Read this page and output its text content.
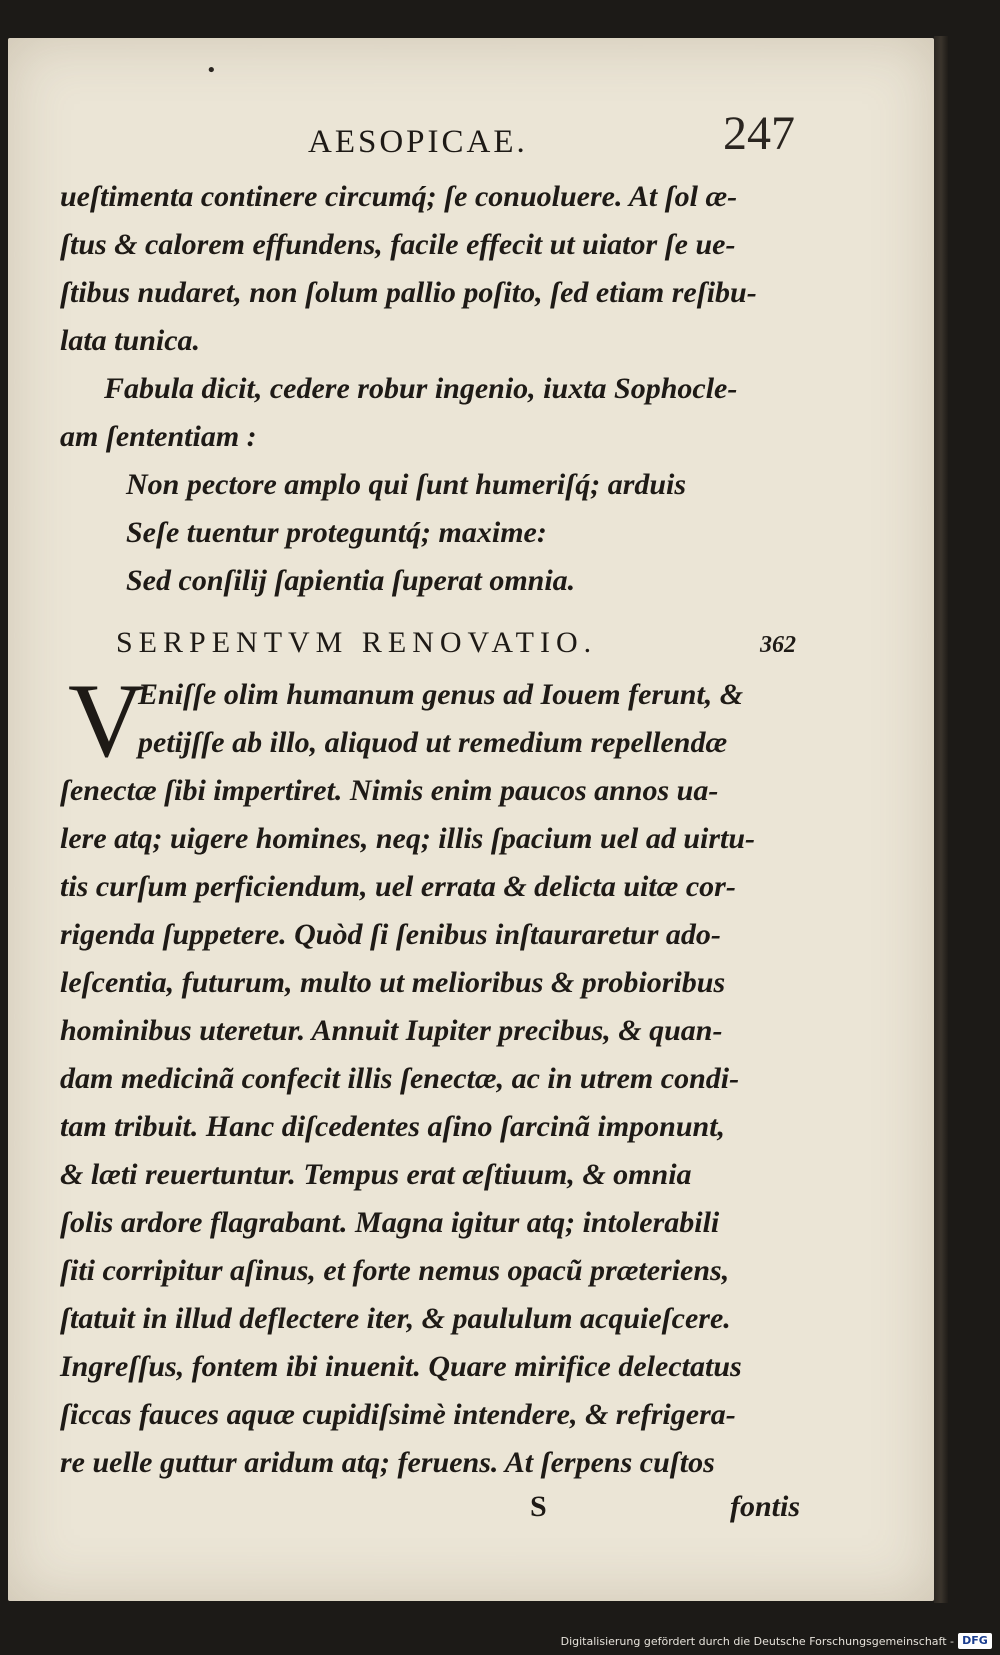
•
AESOPICAE.	247
ueſtimenta continere circumq́; ſe conuoluere. At ſol æ-
ſtus & calorem effundens, facile effecit ut uiator ſe ue-
ſtibus nudaret, non ſolum pallio poſito, ſed etiam reſibu-
lata tunica.
Fabula dicit, cedere robur ingenio, iuxta Sophocle-
am ſententiam :
Non pectore amplo qui ſunt humeriſq́; arduis
Seſe tuentur proteguntq́; maxime:
Sed conſilij ſapientia ſuperat omnia.
SERPENTVM RENOVATIO.	362
V
Eniſſe olim humanum genus ad Iouem ferunt, &
petijſſe ab illo, aliquod ut remedium repellendæ
ſenectæ ſibi impertiret. Nimis enim paucos annos ua-
lere atq; uigere homines, neq; illis ſpacium uel ad uirtu-
tis curſum perficiendum, uel errata & delicta uitæ cor-
rigenda ſuppetere. Quòd ſi ſenibus inſtauraretur ado-
leſcentia, futurum, multo ut melioribus & probioribus
hominibus uteretur. Annuit Iupiter precibus, & quan-
dam medicinã confecit illis ſenectæ, ac in utrem condi-
tam tribuit. Hanc diſcedentes aſino ſarcinã imponunt,
& læti reuertuntur. Tempus erat æſtiuum, & omnia
ſolis ardore flagrabant. Magna igitur atq; intolerabili
ſiti corripitur aſinus, et forte nemus opacũ præteriens,
ſtatuit in illud deflectere iter, & paululum acquieſcere.
Ingreſſus, fontem ibi inuenit. Quare mirifice delectatus
ſiccas fauces aquæ cupidiſsimè intendere, & refrigera-
re uelle guttur aridum atq; feruens. At ſerpens cuſtos
S	fontis
Digitalisierung gefördert durch die Deutsche Forschungsgemeinschaft - DFG
